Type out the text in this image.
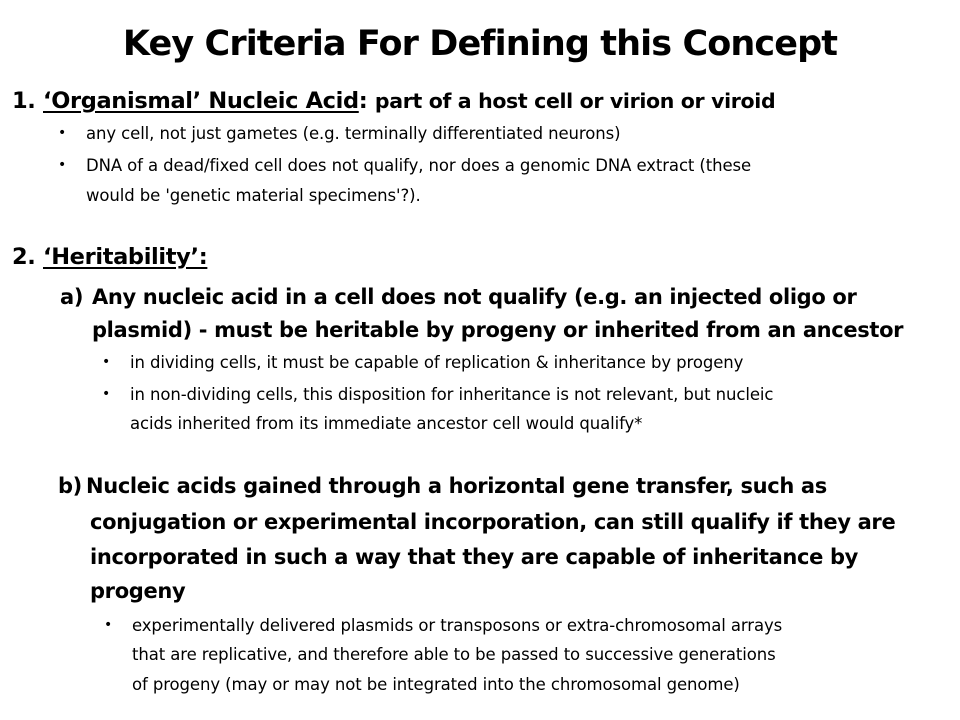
Key Criteria For Defining this Concept
1. ‘Organismal’ Nucleic Acid: part of a host cell or virion or viroid
• any cell, not just gametes (e.g. terminally differentiated neurons)
• DNA of a dead/fixed cell does not qualify, nor does a genomic DNA extract (these
would be 'genetic material specimens'?).
2. ‘Heritability’:
a) Any nucleic acid in a cell does not qualify (e.g. an injected oligo or
plasmid) - must be heritable by progeny or inherited from an ancestor
• in dividing cells, it must be capable of replication & inheritance by progeny
• in non-dividing cells, this disposition for inheritance is not relevant, but nucleic
acids inherited from its immediate ancestor cell would qualify*
b) Nucleic acids gained through a horizontal gene transfer, such as
conjugation or experimental incorporation, can still qualify if they are
incorporated in such a way that they are capable of inheritance by
progeny
• experimentally delivered plasmids or transposons or extra-chromosomal arrays
that are replicative, and therefore able to be passed to successive generations
of progeny (may or may not be integrated into the chromosomal genome)
